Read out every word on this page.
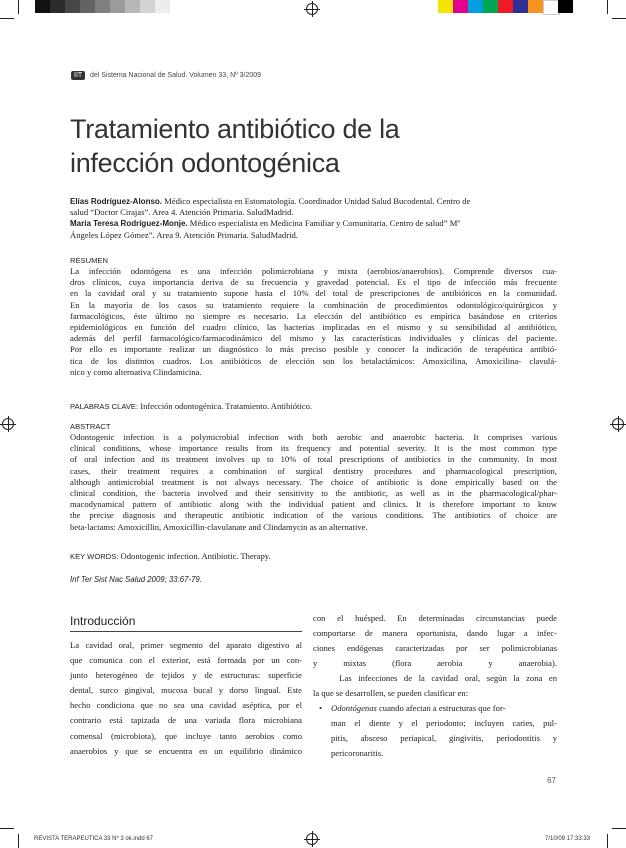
IIT	del Sistema Nacional de Salud. Volumen 33, Nº 3/2009
Tratamiento antibiótico de la
infección odontogénica
Elías Rodríguez-Alonso. Médico especialista en Estomatología. Coordinador Unidad Salud Bucodental. Centro de
salud “Doctor Cirajas”. Area 4. Atención Primaria. SaludMadrid.
María Teresa Rodríguez-Monje. Médico especialista en Medicina Familiar y Comunitaria. Centro de salud” Mª
Ángeles López Gómez”. Area 9. Atención Primaria. SaludMadrid.
RESUMEN
La infección odontógena es una infección polimicrobiana y mixta (aerobios/anaerobios). Comprende diversos cua-
dros clínicos, cuya importancia deriva de su frecuencia y gravedad potencial. Es el tipo de infección más frecuente
en la cavidad oral y su tratamiento supone hasta el 10% del total de prescripciones de antibióticos en la comunidad.
En la mayoría de los casos su tratamiento requiere la combinación de procedimientos odontológico/quirúrgicos y
farmacológicos, éste último no siempre es necesario. La elección del antibiótico es empírica basándose en criterios
epidemiológicos en función del cuadro clínico, las bacterias implicadas en el mismo y su sensibilidad al antibiótico,
además del perfil farmacológico/farmacodinámico del mismo y las características individuales y clínicas del paciente.
Por ello es importante realizar un diagnóstico lo más preciso posible y conocer la indicación de terapéutica antibió-
tica de los distintos cuadros. Los antibióticos de elección son los betalactámicos: Amoxicilina, Amoxicilina- clavulá-
nico y como alternativa Clindamicina.
PALABRAS CLAVE: Infección odontogénica. Tratamiento. Antibiótico.
ABSTRACT
Odontogenic infection is a polymicrobial infection with both aerobic and anaerobic bacteria. It comprises various
clinical conditions, whose importance results from its frequency and potential severity. It is the most common type
of oral infection and its treatment involves up to 10% of total prescriptions of antibiotics in the community. In most
cases, their treatment requires a combination of surgical dentistry procedures and pharmacological prescription,
although antimicrobial treatment is not always necessary. The choice of antibiotic is done empirically based on the
clinical condition, the bacteria involved and their sensitivity to the antibiotic, as well as in the pharmacological/phar-
macodynamical pattern of antibiotic along with the individual patient and clinics. It is therefore important to know
the precise diagnosis and therapeutic antibiotic indication of the various conditions. The antibiotics of choice are
beta-lactams: Amoxicillin, Amoxicillin-clavulanate and Clindamycin as an alternative.
KEY WORDS: Odontogenic infection. Antibiotic. Therapy.
Inf Ter Sist Nac Salud 2009; 33:67-79.
Introducción
La cavidad oral, primer segmento del aparato digestivo al
que comunica con el exterior, está formada por un con-
junto heterogéneo de tejidos y de estructuras: superficie
dental, surco gingival, mucosa bucal y dorso lingual. Este
hecho condiciona que no sea una cavidad aséptica, por el
contrario está tapizada de una variada flora microbiana
comensal (microbiota), que incluye tanto aerobios como
anaerobios y que se encuentra en un equilibrio dinámico
con el huésped. En determinadas circunstancias puede
comportarse de manera oportunista, dando lugar a infec-
ciones endógenas caracterizadas por ser polimicrobianas
y mixtas (flora aerobia y anaerobia).
Las infecciones de la cavidad oral, según la zona en
la que se desarrollen, se pueden clasificar en:
• Odontógenas cuando afectan a estructuras que for-
man el diente y el periodonto; incluyen caries, pul-
pitis, absceso periapical, gingivitis, periodontitis y
pericoronaritis.
67
REVISTA TERAPEUTICA 33 Nº 3 ok.indd 67	7/10/09 17:33:33
